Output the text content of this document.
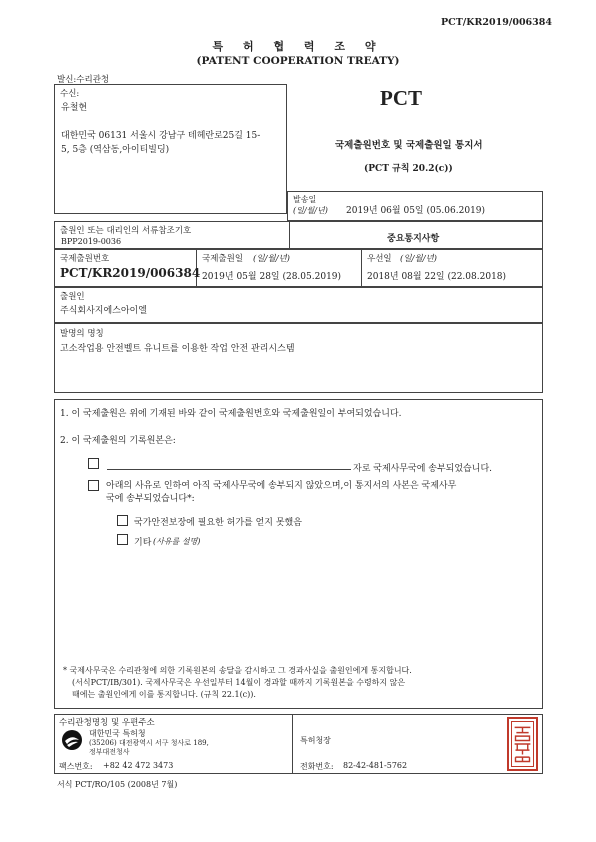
PCT/KR2019/006384
특 허 협 력 조 약
(PATENT COOPERATION TREATY)
발신:수리관청
수신:
유철현
대한민국 06131 서울시 강남구 테헤란로25길 15-
5, 5층 (역삼동,아이티빌딩)
PCT
국제출원번호 및 국제출원일 통지서
(PCT 규칙 20.2(c))
발송일
(일/월/년) 2019년 06월 05일 (05.06.2019)
출원인 또는 대리인의 서류참조기호
BPP2019-0036	중요통지사항
국제출원번호
PCT/KR2019/006384
국제출원일 (일/월/년)
2019년 05월 28일 (28.05.2019)
우선일 (일/월/년)
2018년 08월 22일 (22.08.2018)
출원인
주식회사지에스아이엘
발명의 명칭
고소작업용 안전벨트 유니트를 이용한 작업 안전 관리시스템
1. 이 국제출원은 위에 기재된 바와 같이 국제출원번호와 국제출원일이 부여되었습니다.
2. 이 국제출원의 기록원본은:
자로 국제사무국에 송부되었습니다.
아래의 사유로 인하여 아직 국제사무국에 송부되지 않았으며,이 통지서의 사본은 국제사무
국에 송부되었습니다*:
국가안전보장에 필요한 허가를 얻지 못했음
기타 (사유를 설명)
* 국제사무국은 수리관청에 의한 기록원본의 송달을 감시하고 그 경과사실을 출원인에게 통지합니다.
(서식PCT/IB/301). 국제사무국은 우선일부터 14월이 경과할 때까지 기록원본을 수령하지 않은
때에는 출원인에게 이를 통지합니다. (규칙 22.1(c)).
수리관청명칭 및 우편주소
대한민국 특허청
(35206) 대전광역시 서구 청사로 189,
정부대전청사
팩스번호: +82 42 472 3473
특허청장
전화번호: 82-42-481-5762
서식 PCT/RO/105 (2008년 7월)
